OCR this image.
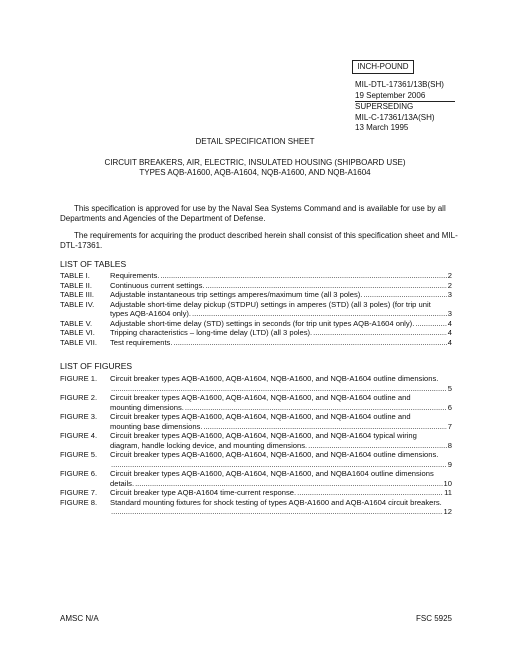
INCH-POUND
MIL-DTL-17361/13B(SH)
19 September 2006
SUPERSEDING
MIL-C-17361/13A(SH)
13 March 1995
DETAIL SPECIFICATION SHEET
CIRCUIT BREAKERS, AIR, ELECTRIC, INSULATED HOUSING (SHIPBOARD USE)
TYPES AQB-A1600, AQB-A1604, NQB-A1600, AND NQB-A1604
This specification is approved for use by the Naval Sea Systems Command and is available for use by all
Departments and Agencies of the Department of Defense.
The requirements for acquiring the product described herein shall consist of this specification sheet and MIL-
DTL-17361.
LIST OF TABLES
TABLE I.	Requirements.	2
.....
TABLE II. Continuous current settings.	2
.....
TABLE III. Adjustable instantaneous trip settings amperes/maximum time (all 3 poles).	3
.....
TABLE IV. Adjustable short-time delay pickup (STDPU) settings in amperes (STD) (all 3 poles) (for trip unit
types AQB-A1604 only).	3
.....
TABLE V. Adjustable short-time delay (STD) settings in seconds (for trip unit types AQB-A1604 only).	4
.....
TABLE VI. Tripping characteristics – long-time delay (LTD) (all 3 poles).	4
.....
TABLE VII. Test requirements.	4
.....
LIST OF FIGURES
FIGURE 1. Circuit breaker types AQB-A1600, AQB-A1604, NQB-A1600, and NQB-A1604 outline dimensions.
5
.....
FIGURE 2. Circuit breaker types AQB-A1600, AQB-A1604, NQB-A1600, and NQB-A1604 outline and
mounting dimensions.	6
.....
FIGURE 3. Circuit breaker types AQB-A1600, AQB-A1604, NQB-A1600, and NQB-A1604 outline and
mounting base dimensions.	7
.....
FIGURE 4. Circuit breaker types AQB-A1600, AQB-A1604, NQB-A1600, and NQB-A1604 typical wiring
diagram, handle locking device, and mounting dimensions.	8
.....
FIGURE 5. Circuit breaker types AQB-A1600, AQB-A1604, NQB-A1600, and NQB-A1604 outline dimensions.
9
.....
FIGURE 6. Circuit breaker types AQB-A1600, AQB-A1604, NQB-A1600, and NQBA1604 outline dimensions
details.	10
.....
FIGURE 7. Circuit breaker type AQB-A1604 time-current response.	11
.....
FIGURE 8. Standard mounting fixtures for shock testing of types AQB-A1600 and AQB-A1604 circuit breakers.
12
.....
AMSC N/A	FSC 5925
